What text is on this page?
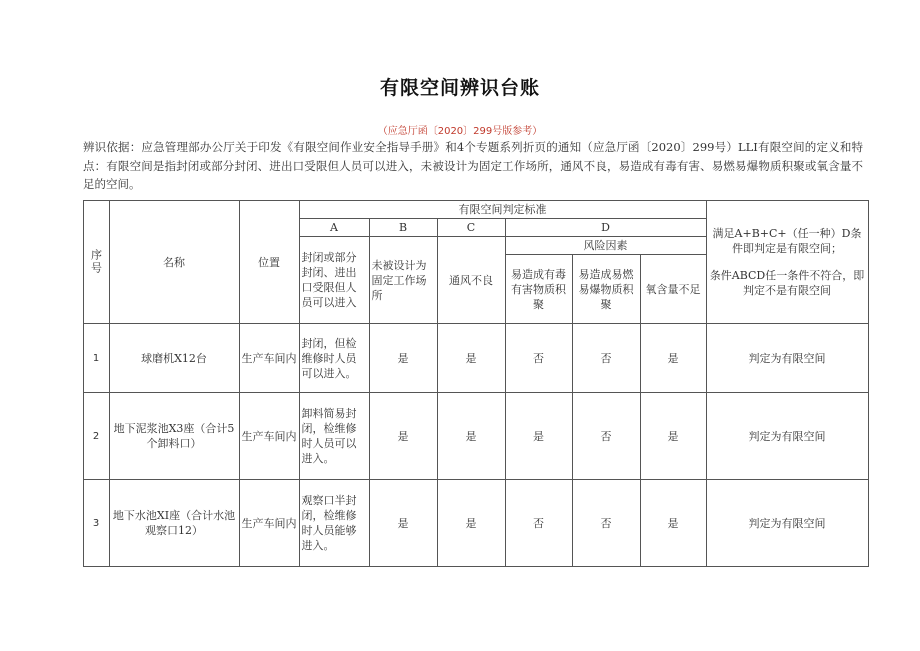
有限空间辨识台账
（应急厅函〔2020〕299号版参考）
辨识依据：应急管理部办公厅关于印发《有限空间作业安全指导手册》和4个专题系列折页的通知（应急厅函〔2020〕299号）LLI有限空间的定义和特点：有限空间是指封闭或部分封闭、进出口受限但人员可以进入，未被设计为固定工作场所，通风不良，易造成有毒有害、易燃易爆物质积聚或氧含量不足的空间。
	序号	名称	位置	有限空间判定标准						满足A+B+C+（任一种）D条件即判定是有限空间；
条件ABCD任一条件不符合，即判定不是有限空间

			A	B	C	D			
			封闭或部分封闭、进出口受限但人员可以进入	未被设计为固定工作场所	通风不良	风险因素			
						易造成有毒有害物质积聚	易造成易燃易爆物质积聚	氧含量不足	
	1	球磨机X12台	生产车间内	封闭，但检维修时人员可以进入。	是	是	否	否	是	判定为有限空间
	2	地下泥浆池X3座（合计5个卸料口）	生产车间内	卸料简易封闭，检维修时人员可以进入。	是	是	是	否	是	判定为有限空间
	3	地下水池XI座（合计水池观察口12）	生产车间内	观察口半封闭，检维修时人员能够进入。	是	是	否	否	是	判定为有限空间
